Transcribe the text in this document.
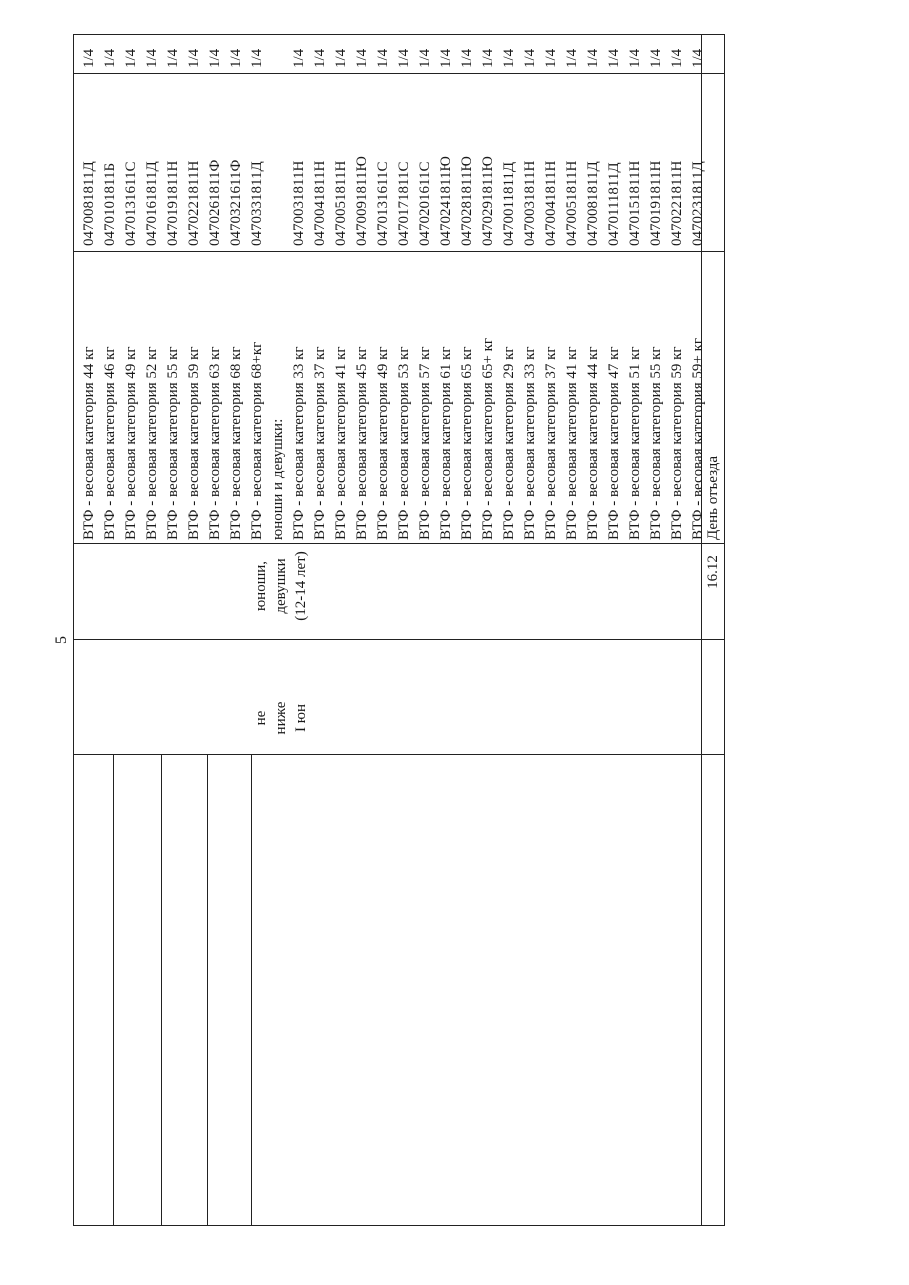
5
не ниже I юн
юноши, девушки (12-14 лет)
ВТФ - весовая категория 44 кг ВТФ - весовая категория 46 кг ВТФ - весовая категория 49 кг ВТФ - весовая категория 52 кг ВТФ - весовая категория 55 кг ВТФ - весовая категория 59 кг ВТФ - весовая категория 63 кг ВТФ - весовая категория 68 кг ВТФ - весовая категория 68+кг юноши и девушки: ВТФ - весовая категория 33 кг ВТФ - весовая категория 37 кг ВТФ - весовая категория 41 кг ВТФ - весовая категория 45 кг ВТФ - весовая категория 49 кг ВТФ - весовая категория 53 кг ВТФ - весовая категория 57 кг ВТФ - весовая категория 61 кг ВТФ - весовая категория 65 кг ВТФ - весовая категория 65+ кг ВТФ - весовая категория 29 кг ВТФ - весовая категория 33 кг ВТФ - весовая категория 37 кг ВТФ - весовая категория 41 кг ВТФ - весовая категория 44 кг ВТФ - весовая категория 47 кг ВТФ - весовая категория 51 кг ВТФ - весовая категория 55 кг ВТФ - весовая категория 59 кг ВТФ - весовая категория 59+ кг
0470081811Д 0470101811Б 0470131611С 0470161811Д 0470191811Н 0470221811Н 0470261811Ф 0470321611Ф 0470331811Д 0470031811Н 0470041811Н 0470051811Н 0470091811Ю 0470131611С 0470171811С 0470201611С 0470241811Ю 0470281811Ю 0470291811Ю 0470011811Д 0470031811Н 0470041811Н 0470051811Н 0470081811Д 0470111811Д 0470151811Н 0470191811Н 0470221811Н 0470231811Д
1/4 1/4 1/4 1/4 1/4 1/4 1/4 1/4 1/4 1/4 1/4 1/4 1/4 1/4 1/4 1/4 1/4 1/4 1/4 1/4 1/4 1/4 1/4 1/4 1/4 1/4 1/4 1/4 1/4
16.12
День отъезда
